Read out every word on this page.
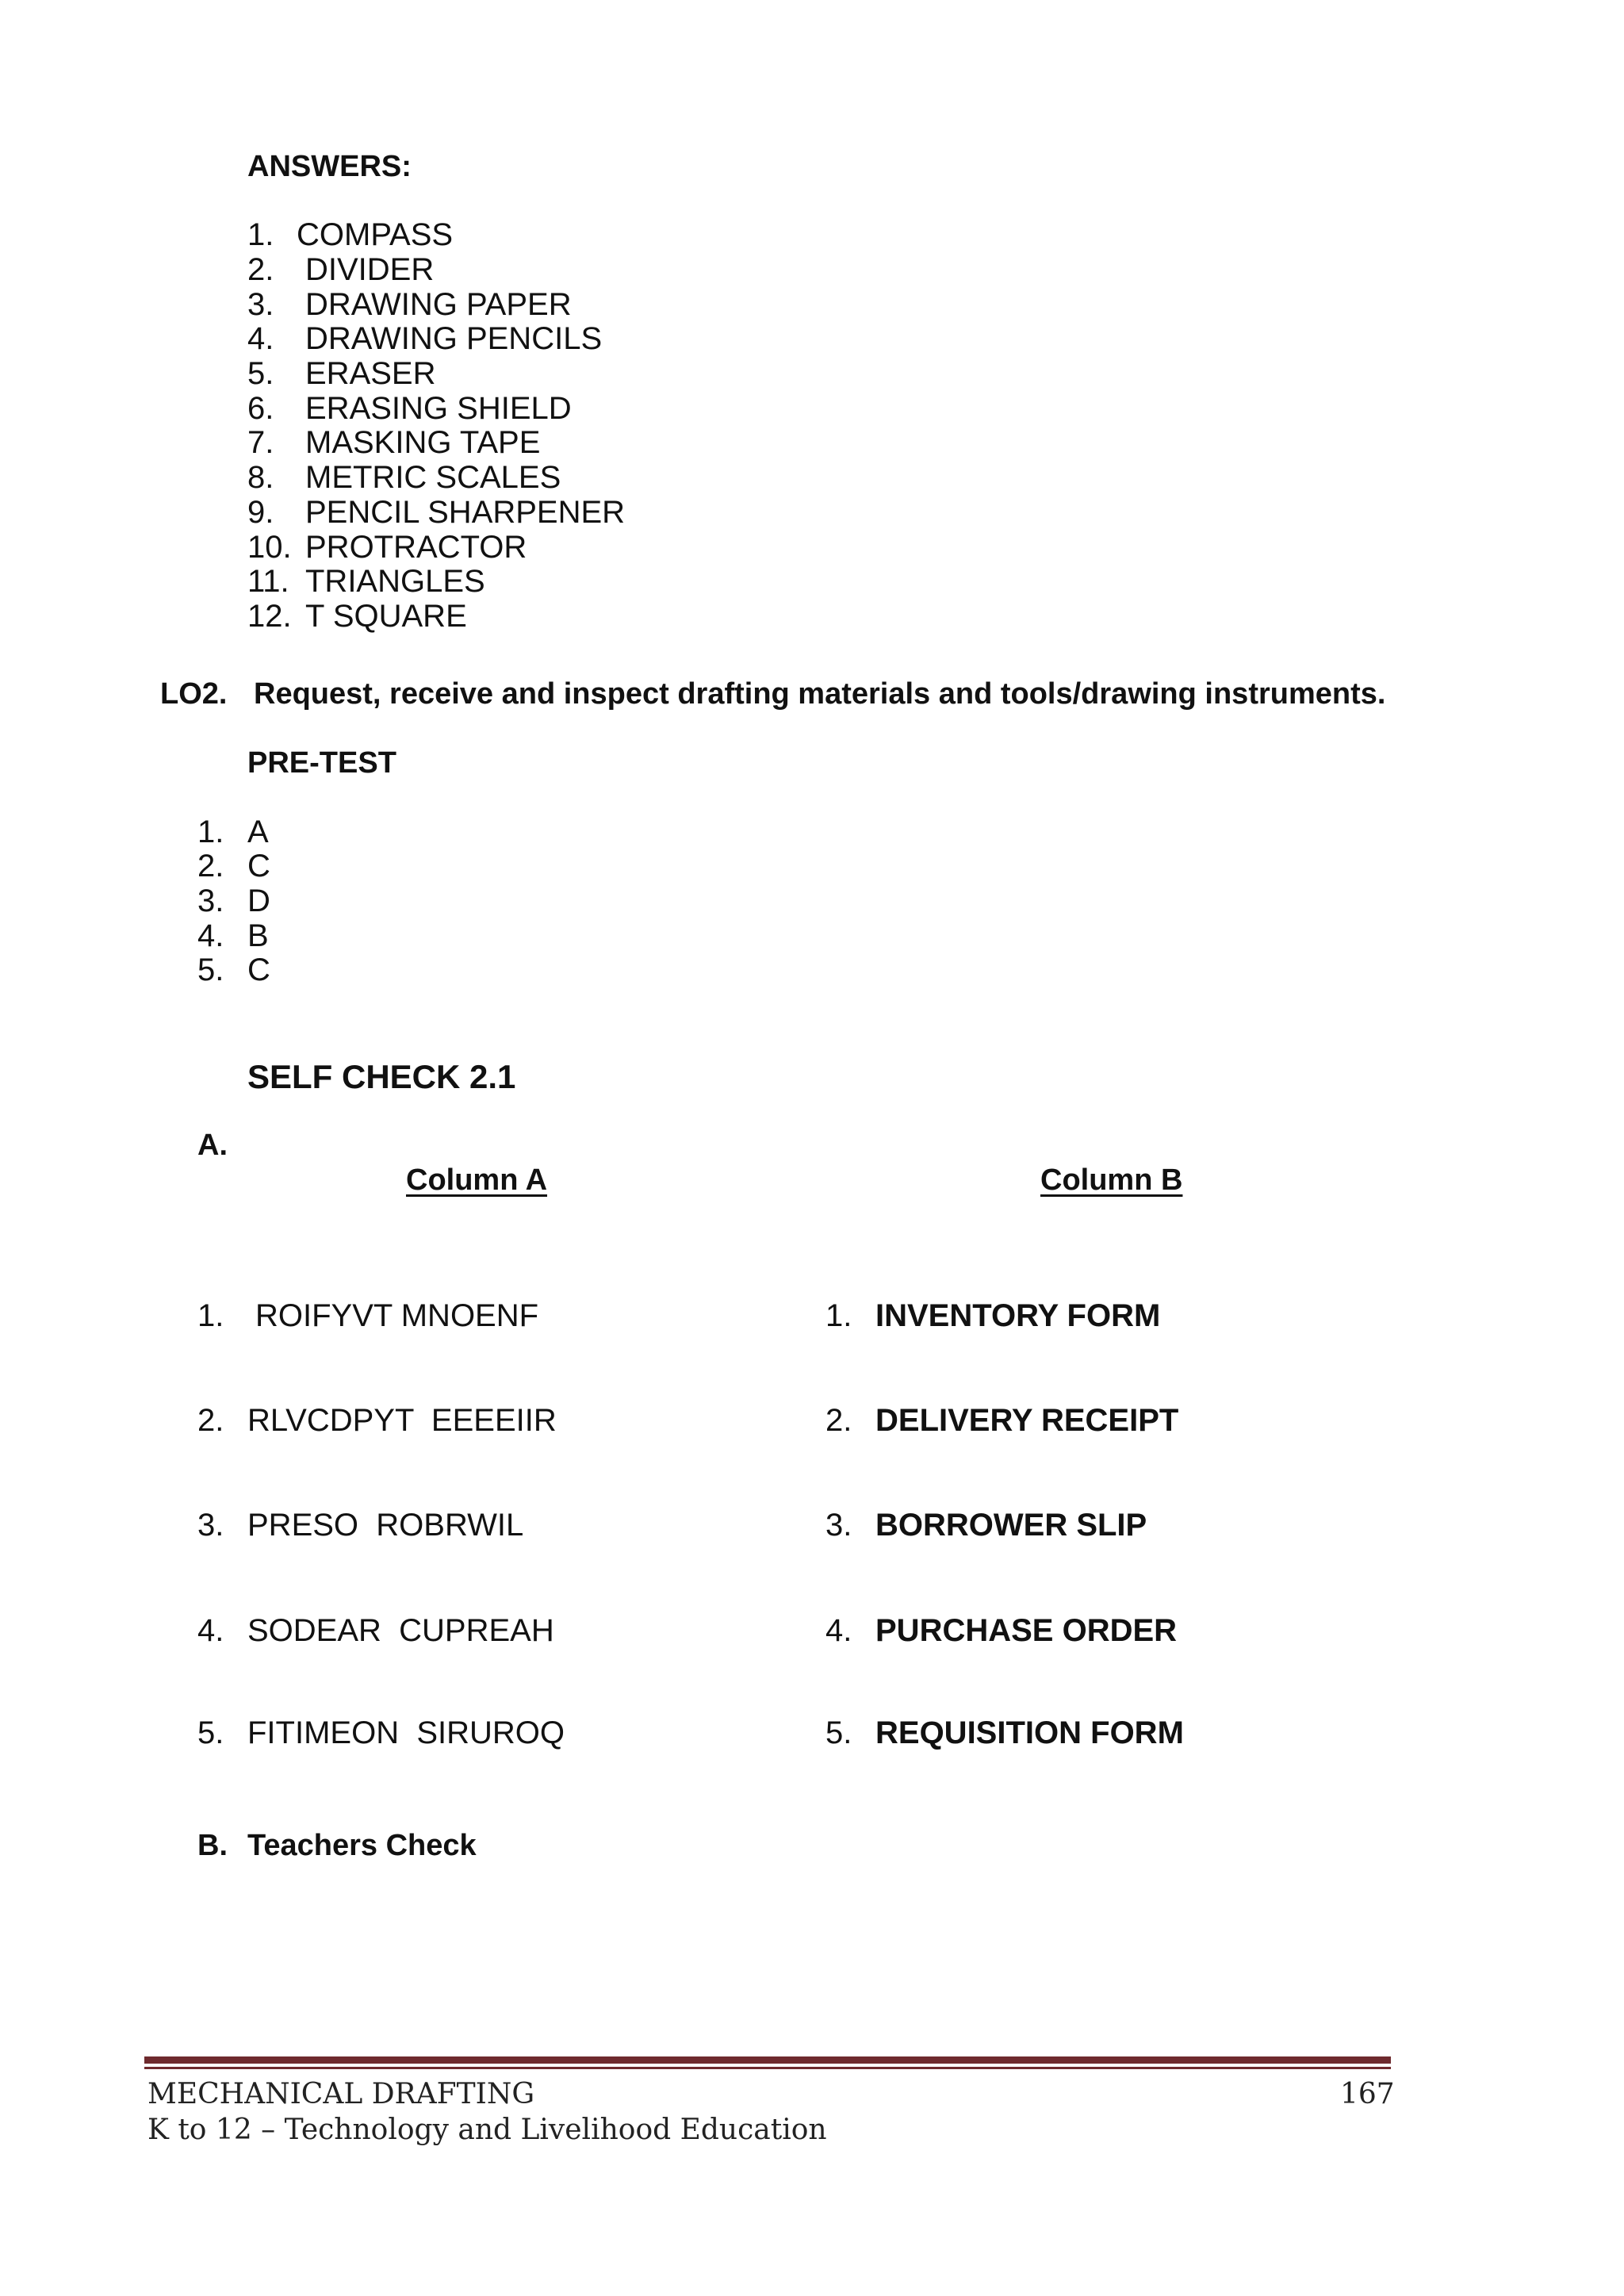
ANSWERS:

1.

COMPASS

2.

DIVIDER

3.

DRAWING PAPER

4.

DRAWING PENCILS

5.

ERASER

6.

ERASING SHIELD

7.

MASKING TAPE

8.

METRIC SCALES

9.

PENCIL SHARPENER

10.

PROTRACTOR

11.

TRIANGLES

12.

T SQUARE

LO2. Request, receive and inspect drafting materials and tools/drawing instruments.
PRE-TEST

1.

A

2.

C

3.

D

4.

B

5.

C

SELF CHECK 2.1
A.
Column A	Column B

1.

ROIFYVT MNOENF

2.

RLVCDPYT  EEEEIIR

3.

PRESO  ROBRWIL

4.

SODEAR  CUPREAH

5.

FITIMEON  SIRUROQ

1.

INVENTORY FORM

2.

DELIVERY RECEIPT

3.

BORROWER SLIP

4.

PURCHASE ORDER

5.

REQUISITION FORM

B. Teachers Check
MECHANICAL DRAFTING	167
K to 12 – Technology and Livelihood Education
